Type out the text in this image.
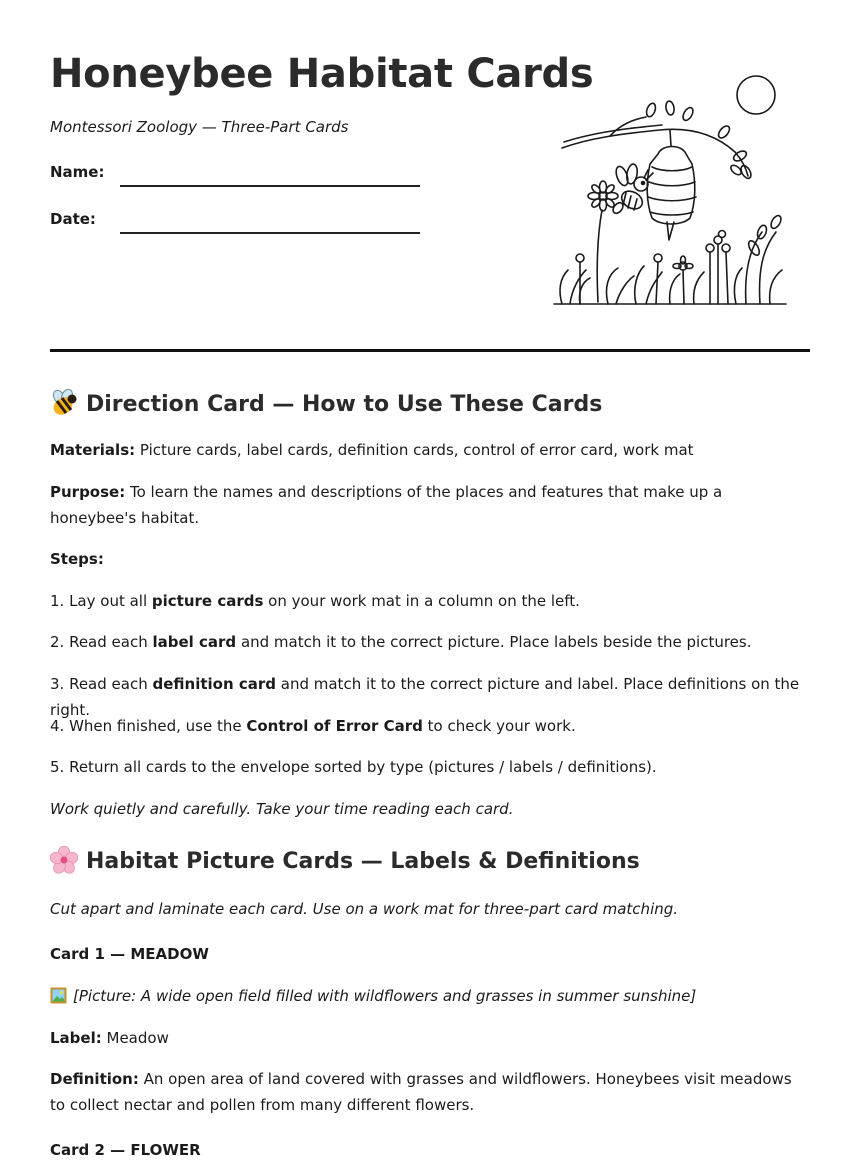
Honeybee Habitat Cards
Montessori Zoology — Three-Part Cards
Name:
Date:
Direction Card — How to Use These Cards

Materials: Picture cards, label cards, definition cards, control of error card, work mat

Purpose: To learn the names and descriptions of the places and features that make up a honeybee's habitat.

Steps:

1. Lay out all picture cards on your work mat in a column on the left.

2. Read each label card and match it to the correct picture. Place labels beside the pictures.

3. Read each definition card and match it to the correct picture and label. Place definitions on the right.

4. When finished, use the Control of Error Card to check your work.

5. Return all cards to the envelope sorted by type (pictures / labels / definitions).

Work quietly and carefully. Take your time reading each card.

Habitat Picture Cards — Labels & Definitions

Cut apart and laminate each card. Use on a work mat for three-part card matching.

Card 1 — MEADOW

[Picture: A wide open field filled with wildflowers and grasses in summer sunshine]

Label: Meadow

Definition: An open area of land covered with grasses and wildflowers. Honeybees visit meadows to collect nectar and pollen from many different flowers.

Card 2 — FLOWER
